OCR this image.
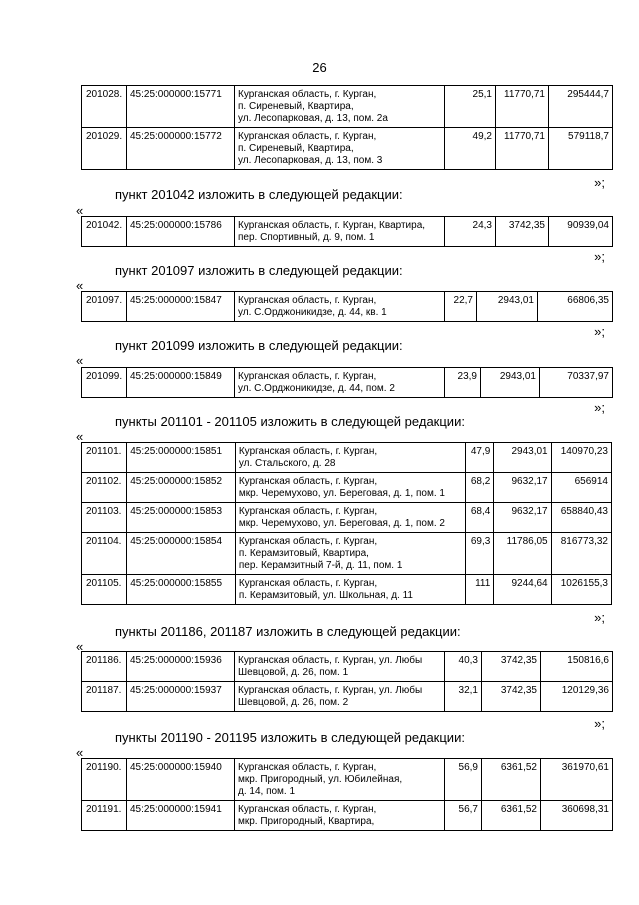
26
201028.	45:25:000000:15771	Курганская область, г. Курган,
п. Сиреневый, Квартира,
ул. Лесопарковая, д. 13, пом. 2а	25,1	11770,71	295444,7
201029.	45:25:000000:15772	Курганская область, г. Курган,
п. Сиреневый, Квартира,
ул. Лесопарковая, д. 13, пом. 3	49,2	11770,71	579118,7
»;
пункт 201042 изложить в следующей редакции:
«
201042.	45:25:000000:15786	Курганская область, г. Курган, Квартира,
пер. Спортивный, д. 9, пом. 1
	24,3	3742,35	90939,04
»;
пункт 201097 изложить в следующей редакции:
«
201097.	45:25:000000:15847	Курганская область, г. Курган,
ул. С.Орджоникидзе, д. 44, кв. 1
	22,7	2943,01	66806,35
»;
пункт 201099 изложить в следующей редакции:
«
201099.	45:25:000000:15849	Курганская область, г. Курган,
ул. С.Орджоникидзе, д. 44, пом. 2
	23,9	2943,01	70337,97
»;
пункты 201101 - 201105 изложить в следующей редакции:
«
201101.	45:25:000000:15851	Курганская область, г. Курган,
ул. Стальского, д. 28	47,9	2943,01	140970,23
201102.	45:25:000000:15852	Курганская область, г. Курган,
мкр. Черемухово, ул. Береговая, д. 1, пом. 1	68,2	9632,17	656914
201103.	45:25:000000:15853	Курганская область, г. Курган,
мкр. Черемухово, ул. Береговая, д. 1, пом. 2	68,4	9632,17	658840,43
201104.	45:25:000000:15854	Курганская область, г. Курган,
п. Керамзитовый, Квартира,
пер. Керамзитный 7-й, д. 11, пом. 1	69,3	11786,05	816773,32
201105.	45:25:000000:15855	Курганская область, г. Курган,
п. Керамзитовый, ул. Школьная, д. 11	111	9244,64	1026155,3
»;
пункты 201186, 201187 изложить в следующей редакции:
«
201186.	45:25:000000:15936	Курганская область, г. Курган, ул. Любы
Шевцовой, д. 26, пом. 1	40,3	3742,35	150816,6
201187.	45:25:000000:15937	Курганская область, г. Курган, ул. Любы
Шевцовой, д. 26, пом. 2	32,1	3742,35	120129,36
»;
пункты 201190 - 201195 изложить в следующей редакции:
«
201190.	45:25:000000:15940	Курганская область, г. Курган,
мкр. Пригородный, ул. Юбилейная,
д. 14, пом. 1	56,9	6361,52	361970,61
201191.	45:25:000000:15941	Курганская область, г. Курган,
мкр. Пригородный, Квартира,	56,7	6361,52	360698,31
